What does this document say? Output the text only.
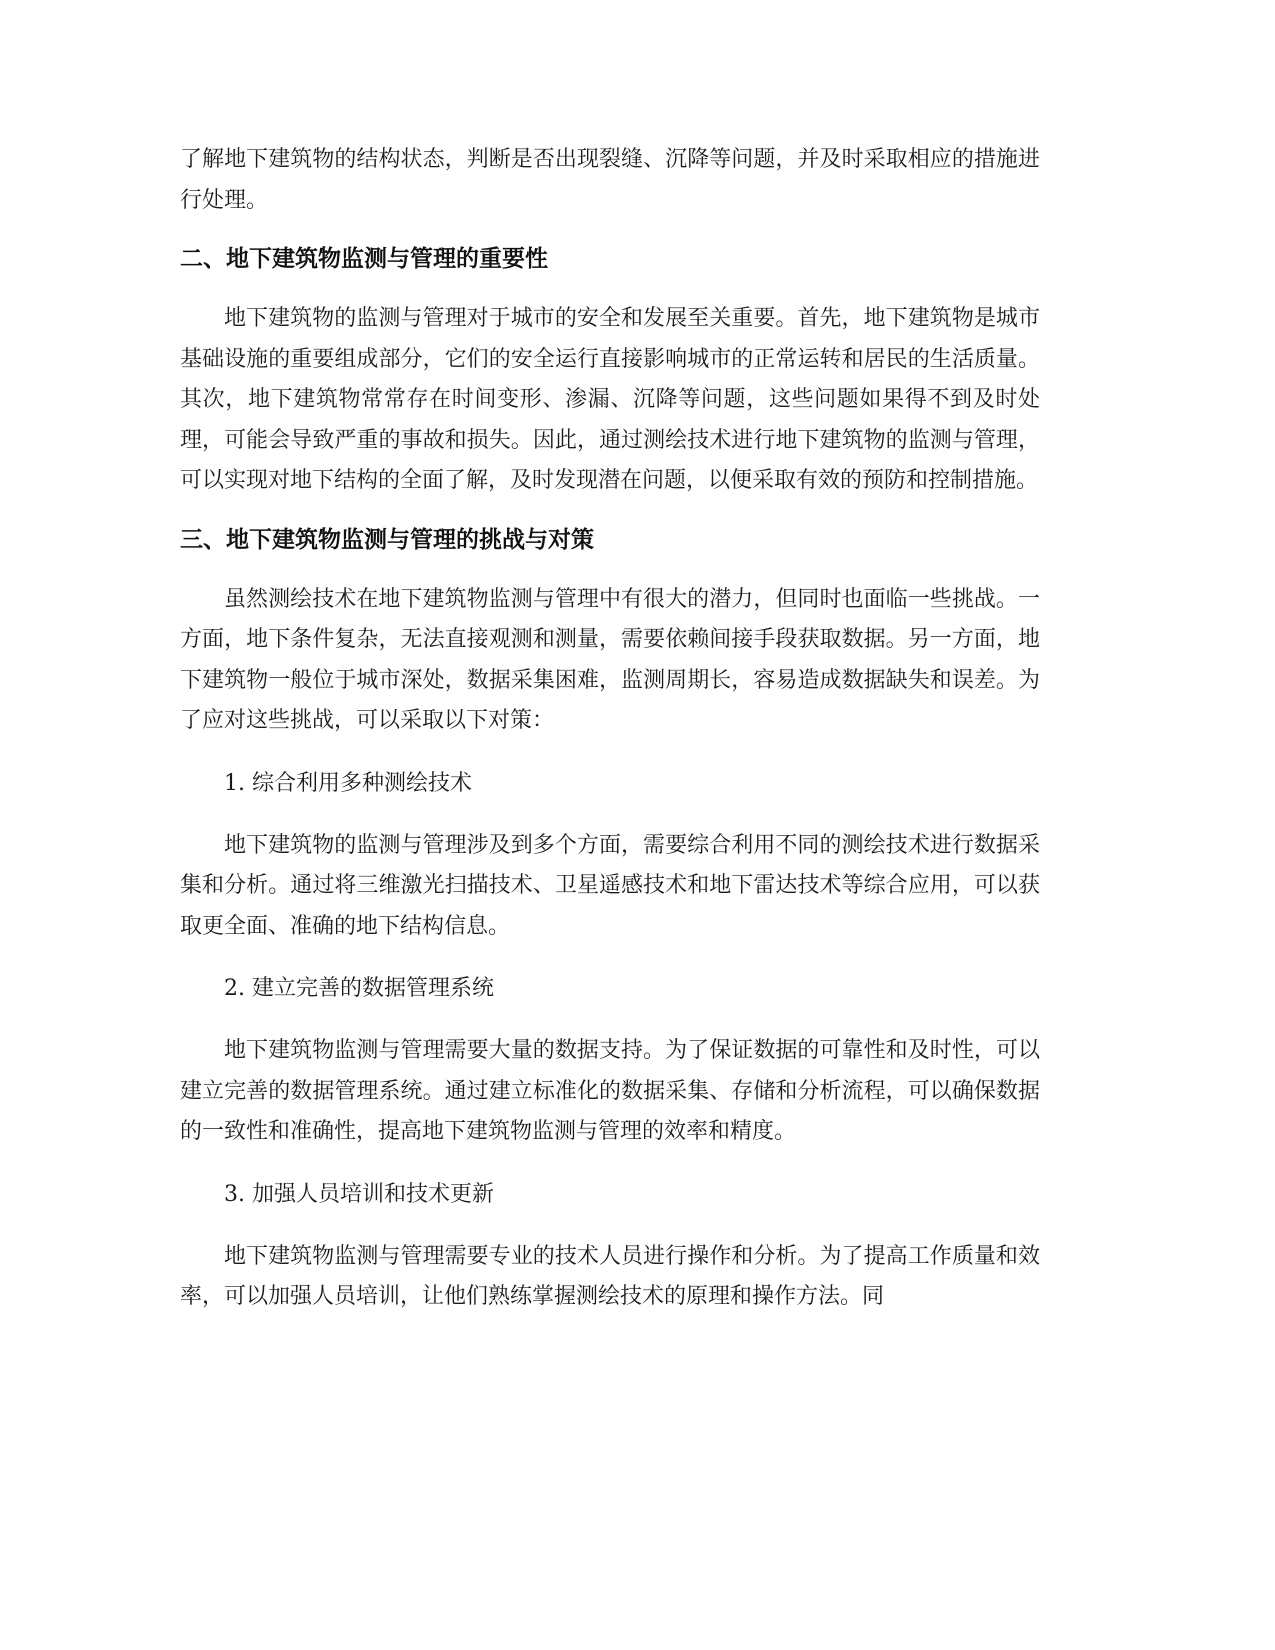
了解地下建筑物的结构状态，判断是否出现裂缝、沉降等问题，并及时采取相应的措施进行处理。

二、地下建筑物监测与管理的重要性

地下建筑物的监测与管理对于城市的安全和发展至关重要。首先，地下建筑物是城市基础设施的重要组成部分，它们的安全运行直接影响城市的正常运转和居民的生活质量。其次，地下建筑物常常存在时间变形、渗漏、沉降等问题，这些问题如果得不到及时处理，可能会导致严重的事故和损失。因此，通过测绘技术进行地下建筑物的监测与管理，可以实现对地下结构的全面了解，及时发现潜在问题，以便采取有效的预防和控制措施。

三、地下建筑物监测与管理的挑战与对策

虽然测绘技术在地下建筑物监测与管理中有很大的潜力，但同时也面临一些挑战。一方面，地下条件复杂，无法直接观测和测量，需要依赖间接手段获取数据。另一方面，地下建筑物一般位于城市深处，数据采集困难，监测周期长，容易造成数据缺失和误差。为了应对这些挑战，可以采取以下对策：

1. 综合利用多种测绘技术

地下建筑物的监测与管理涉及到多个方面，需要综合利用不同的测绘技术进行数据采集和分析。通过将三维激光扫描技术、卫星遥感技术和地下雷达技术等综合应用，可以获取更全面、准确的地下结构信息。

2. 建立完善的数据管理系统

地下建筑物监测与管理需要大量的数据支持。为了保证数据的可靠性和及时性，可以建立完善的数据管理系统。通过建立标准化的数据采集、存储和分析流程，可以确保数据的一致性和准确性，提高地下建筑物监测与管理的效率和精度。

3. 加强人员培训和技术更新

地下建筑物监测与管理需要专业的技术人员进行操作和分析。为了提高工作质量和效率，可以加强人员培训，让他们熟练掌握测绘技术的原理和操作方法。同
